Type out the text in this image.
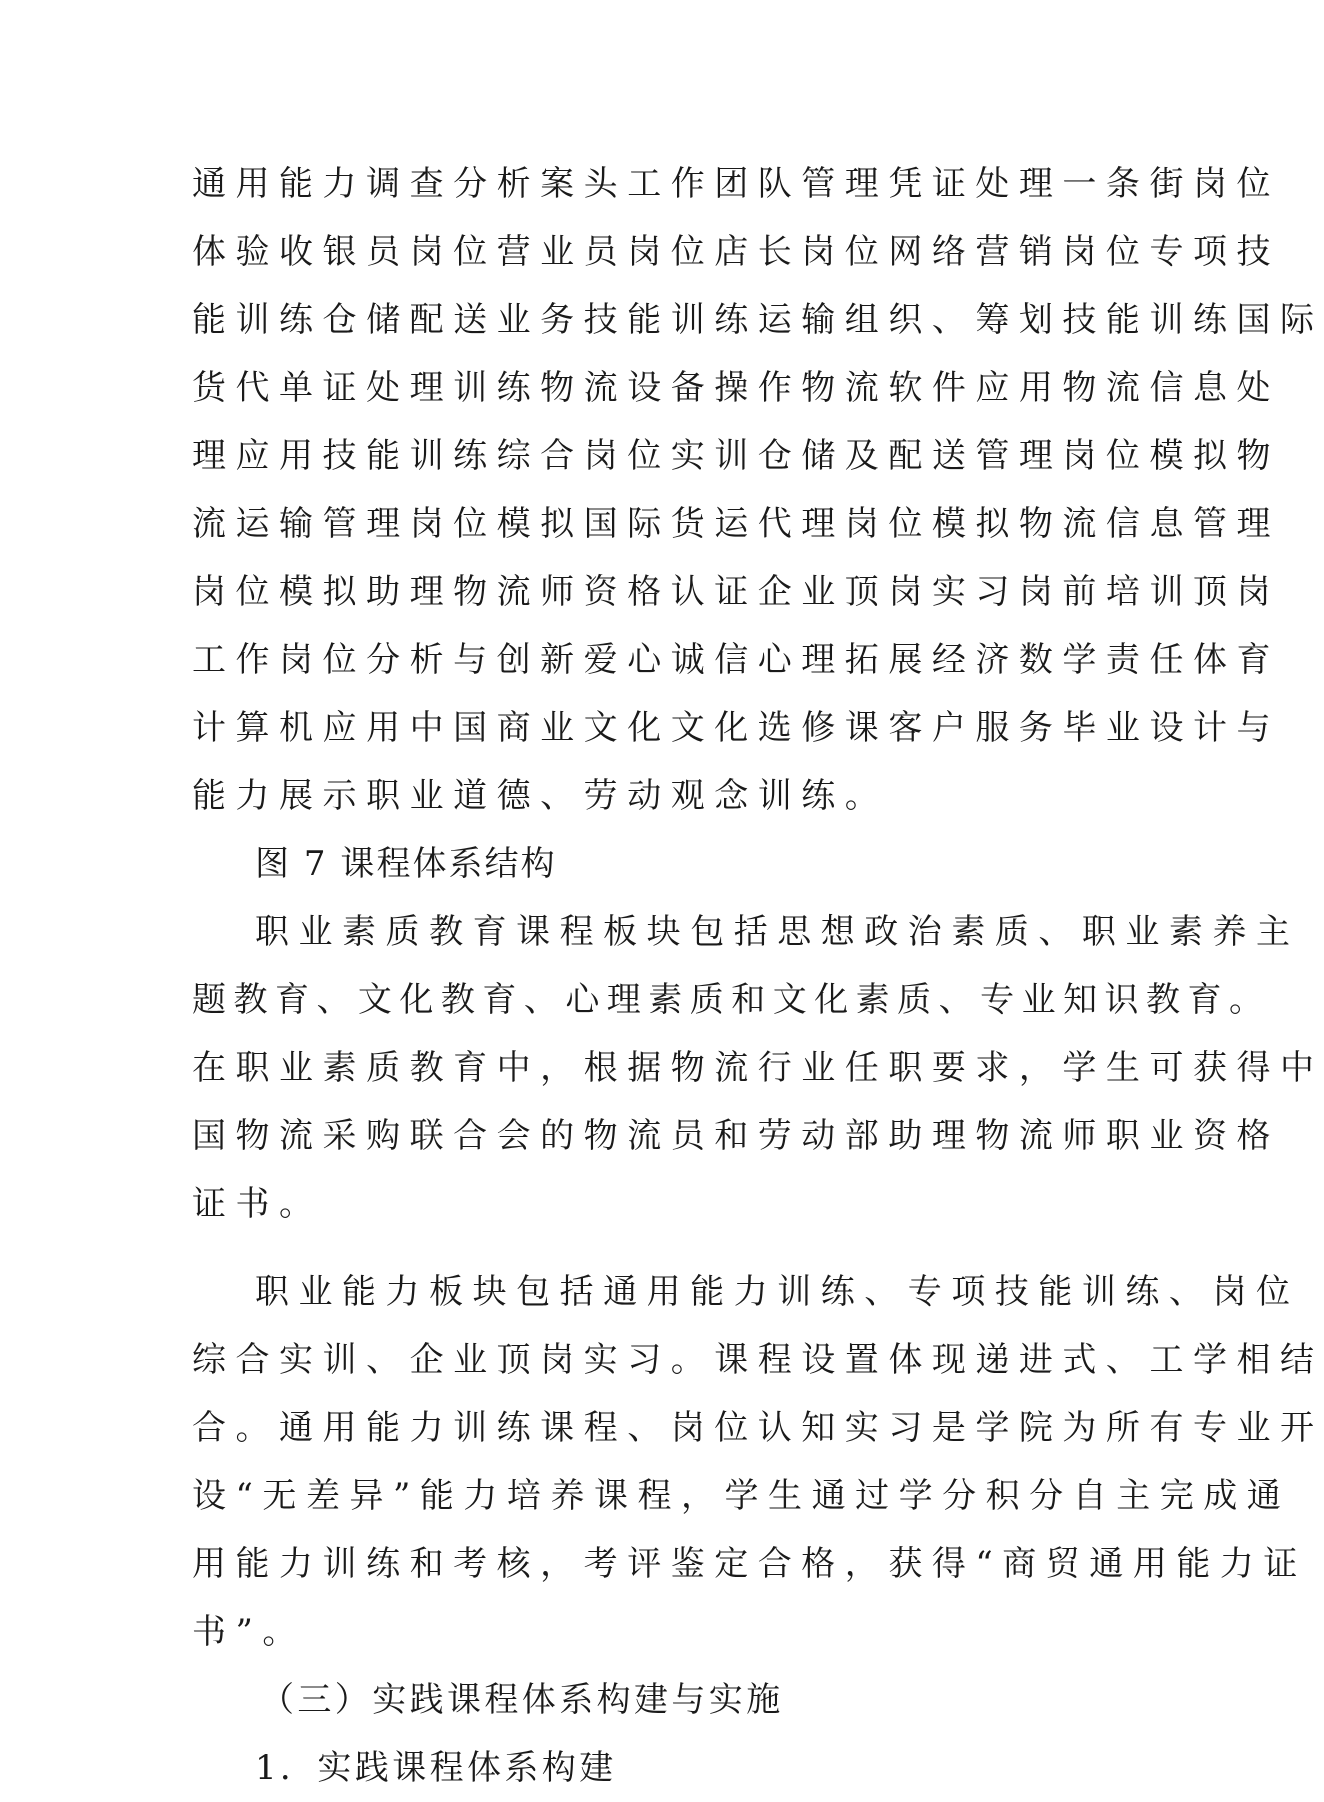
通用能力调查分析案头工作团队管理凭证处理一条街岗位
体验收银员岗位营业员岗位店长岗位网络营销岗位专项技
能训练仓储配送业务技能训练运输组织、筹划技能训练国际
货代单证处理训练物流设备操作物流软件应用物流信息处
理应用技能训练综合岗位实训仓储及配送管理岗位模拟物
流运输管理岗位模拟国际货运代理岗位模拟物流信息管理
岗位模拟助理物流师资格认证企业顶岗实习岗前培训顶岗
工作岗位分析与创新爱心诚信心理拓展经济数学责任体育
计算机应用中国商业文化文化选修课客户服务毕业设计与
能力展示职业道德、劳动观念训练。
图 7 课程体系结构
职业素质教育课程板块包括思想政治素质、职业素养主
题教育、文化教育、心理素质和文化素质、专业知识教育。
在职业素质教育中，根据物流行业任职要求，学生可获得中
国物流采购联合会的物流员和劳动部助理物流师职业资格
证书。
职业能力板块包括通用能力训练、专项技能训练、岗位
综合实训、企业顶岗实习。课程设置体现递进式、工学相结
合。通用能力训练课程、岗位认知实习是学院为所有专业开
设“无差异”能力培养课程，学生通过学分积分自主完成通
用能力训练和考核，考评鉴定合格，获得“商贸通用能力证
书”。
（三）实践课程体系构建与实施
1．实践课程体系构建
